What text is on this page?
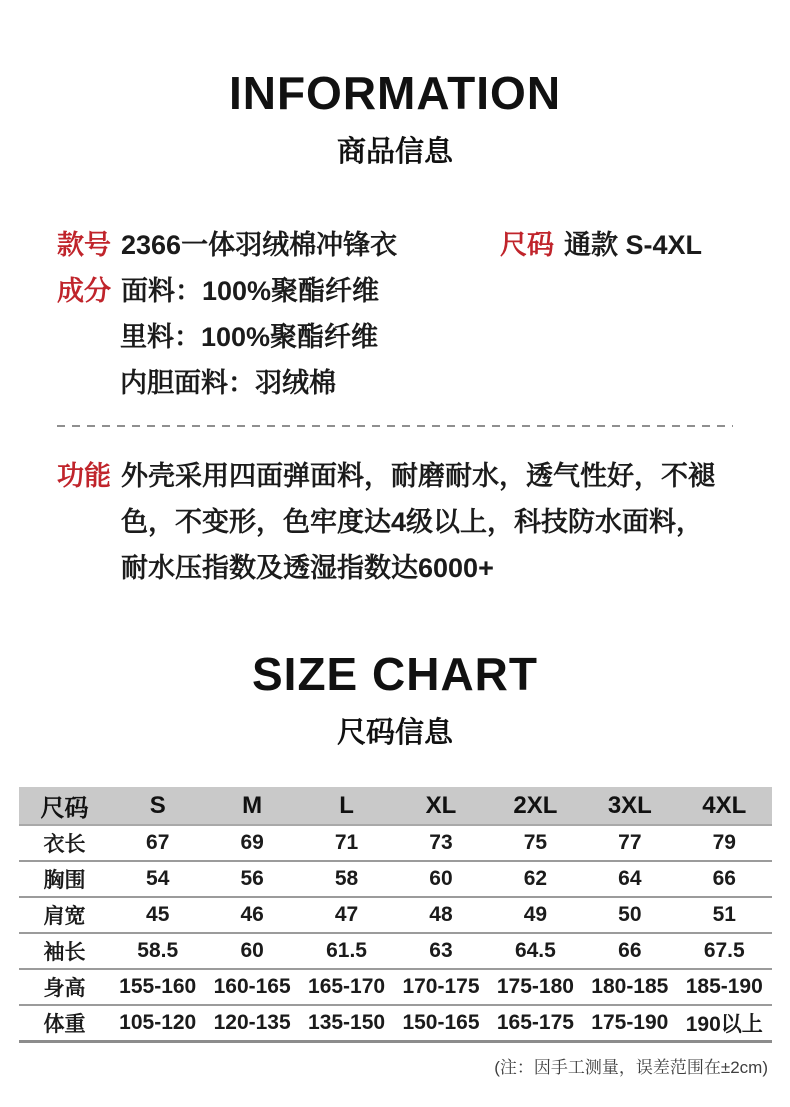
INFORMATION
商品信息
款号 2366一体羽绒棉冲锋衣	尺码 通款 S-4XL
成分 面料：100%聚酯纤维
里料：100%聚酯纤维
内胆面料：羽绒棉
功能 外壳采用四面弹面料，耐磨耐水，透气性好，不褪
色，不变形，色牢度达4级以上，科技防水面料，
耐水压指数及透湿指数达6000+
SIZE CHART
尺码信息
尺码	S	M	L	XL	2XL	3XL	4XL
衣长	67	69	71	73	75	77	79
胸围	54	56	58	60	62	64	66
肩宽	45	46	47	48	49	50	51
袖长	58.5	60	61.5	63	64.5	66	67.5
身高	155-160	160-165	165-170	170-175	175-180	180-185	185-190
体重	105-120	120-135	135-150	150-165	165-175	175-190	190以上
(注：因手工测量，误差范围在±2cm)
